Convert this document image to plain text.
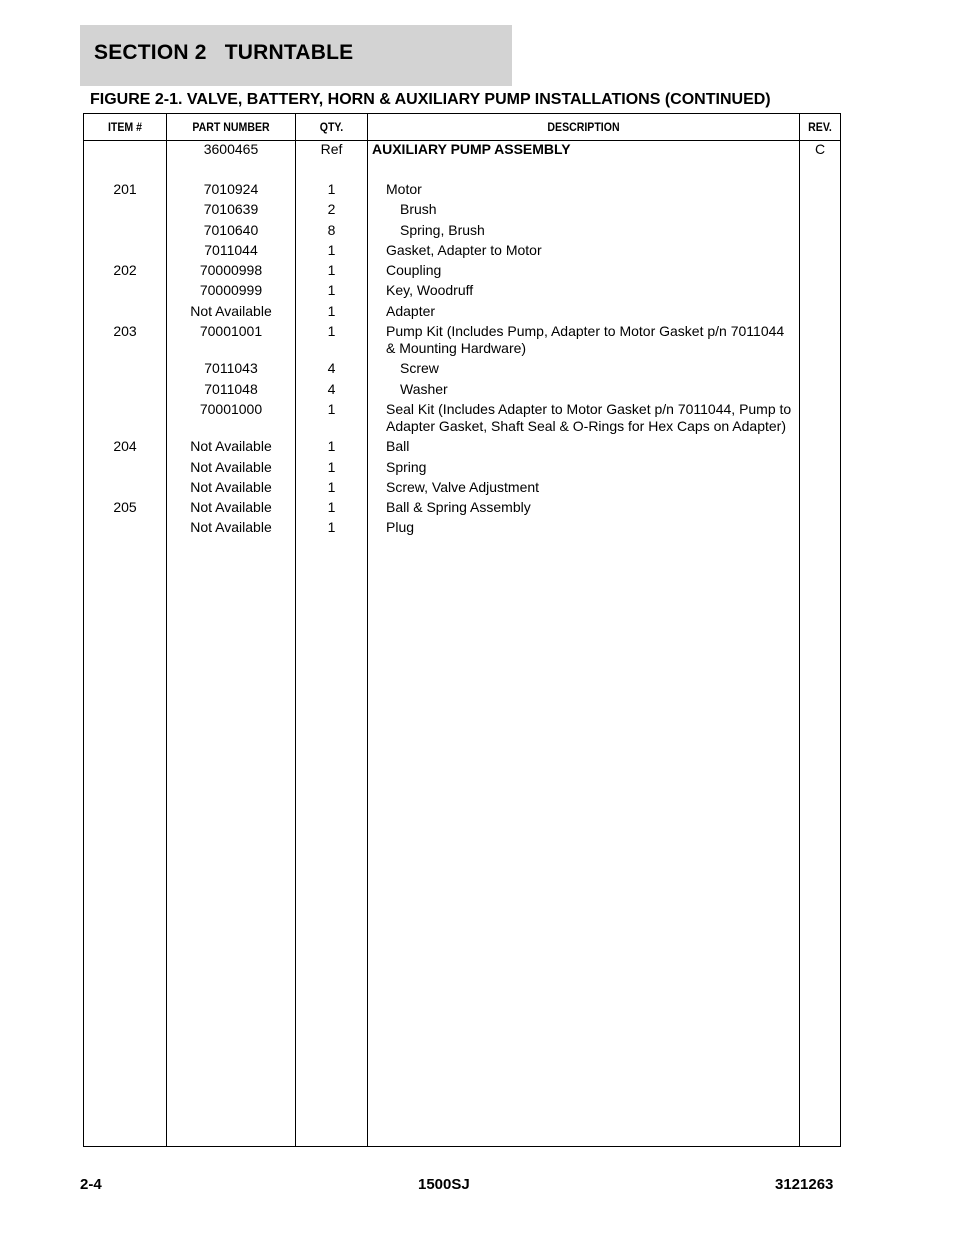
SECTION 2   TURNTABLE
FIGURE 2-1. VALVE, BATTERY, HORN & AUXILIARY PUMP INSTALLATIONS (CONTINUED)
ITEM #	PART NUMBER	QTY.	DESCRIPTION	REV.
3600465	Ref	AUXILIARY PUMP ASSEMBLY	C
201	7010924	1	Motor
7010639	2	Brush
7010640	8	Spring, Brush
7011044	1	Gasket, Adapter to Motor
202	70000998	1	Coupling
70000999	1	Key, Woodruff
Not Available	1	Adapter
203	70001001	1	Pump Kit (Includes Pump, Adapter to Motor Gasket p/n 7011044
& Mounting Hardware)
7011043	4	Screw
7011048	4	Washer
70001000	1	Seal Kit (Includes Adapter to Motor Gasket p/n 7011044, Pump to
Adapter Gasket, Shaft Seal & O-Rings for Hex Caps on Adapter)
204	Not Available	1	Ball
Not Available	1	Spring
Not Available	1	Screw, Valve Adjustment
205	Not Available	1	Ball & Spring Assembly
Not Available	1	Plug
2-4	1500SJ	3121263
